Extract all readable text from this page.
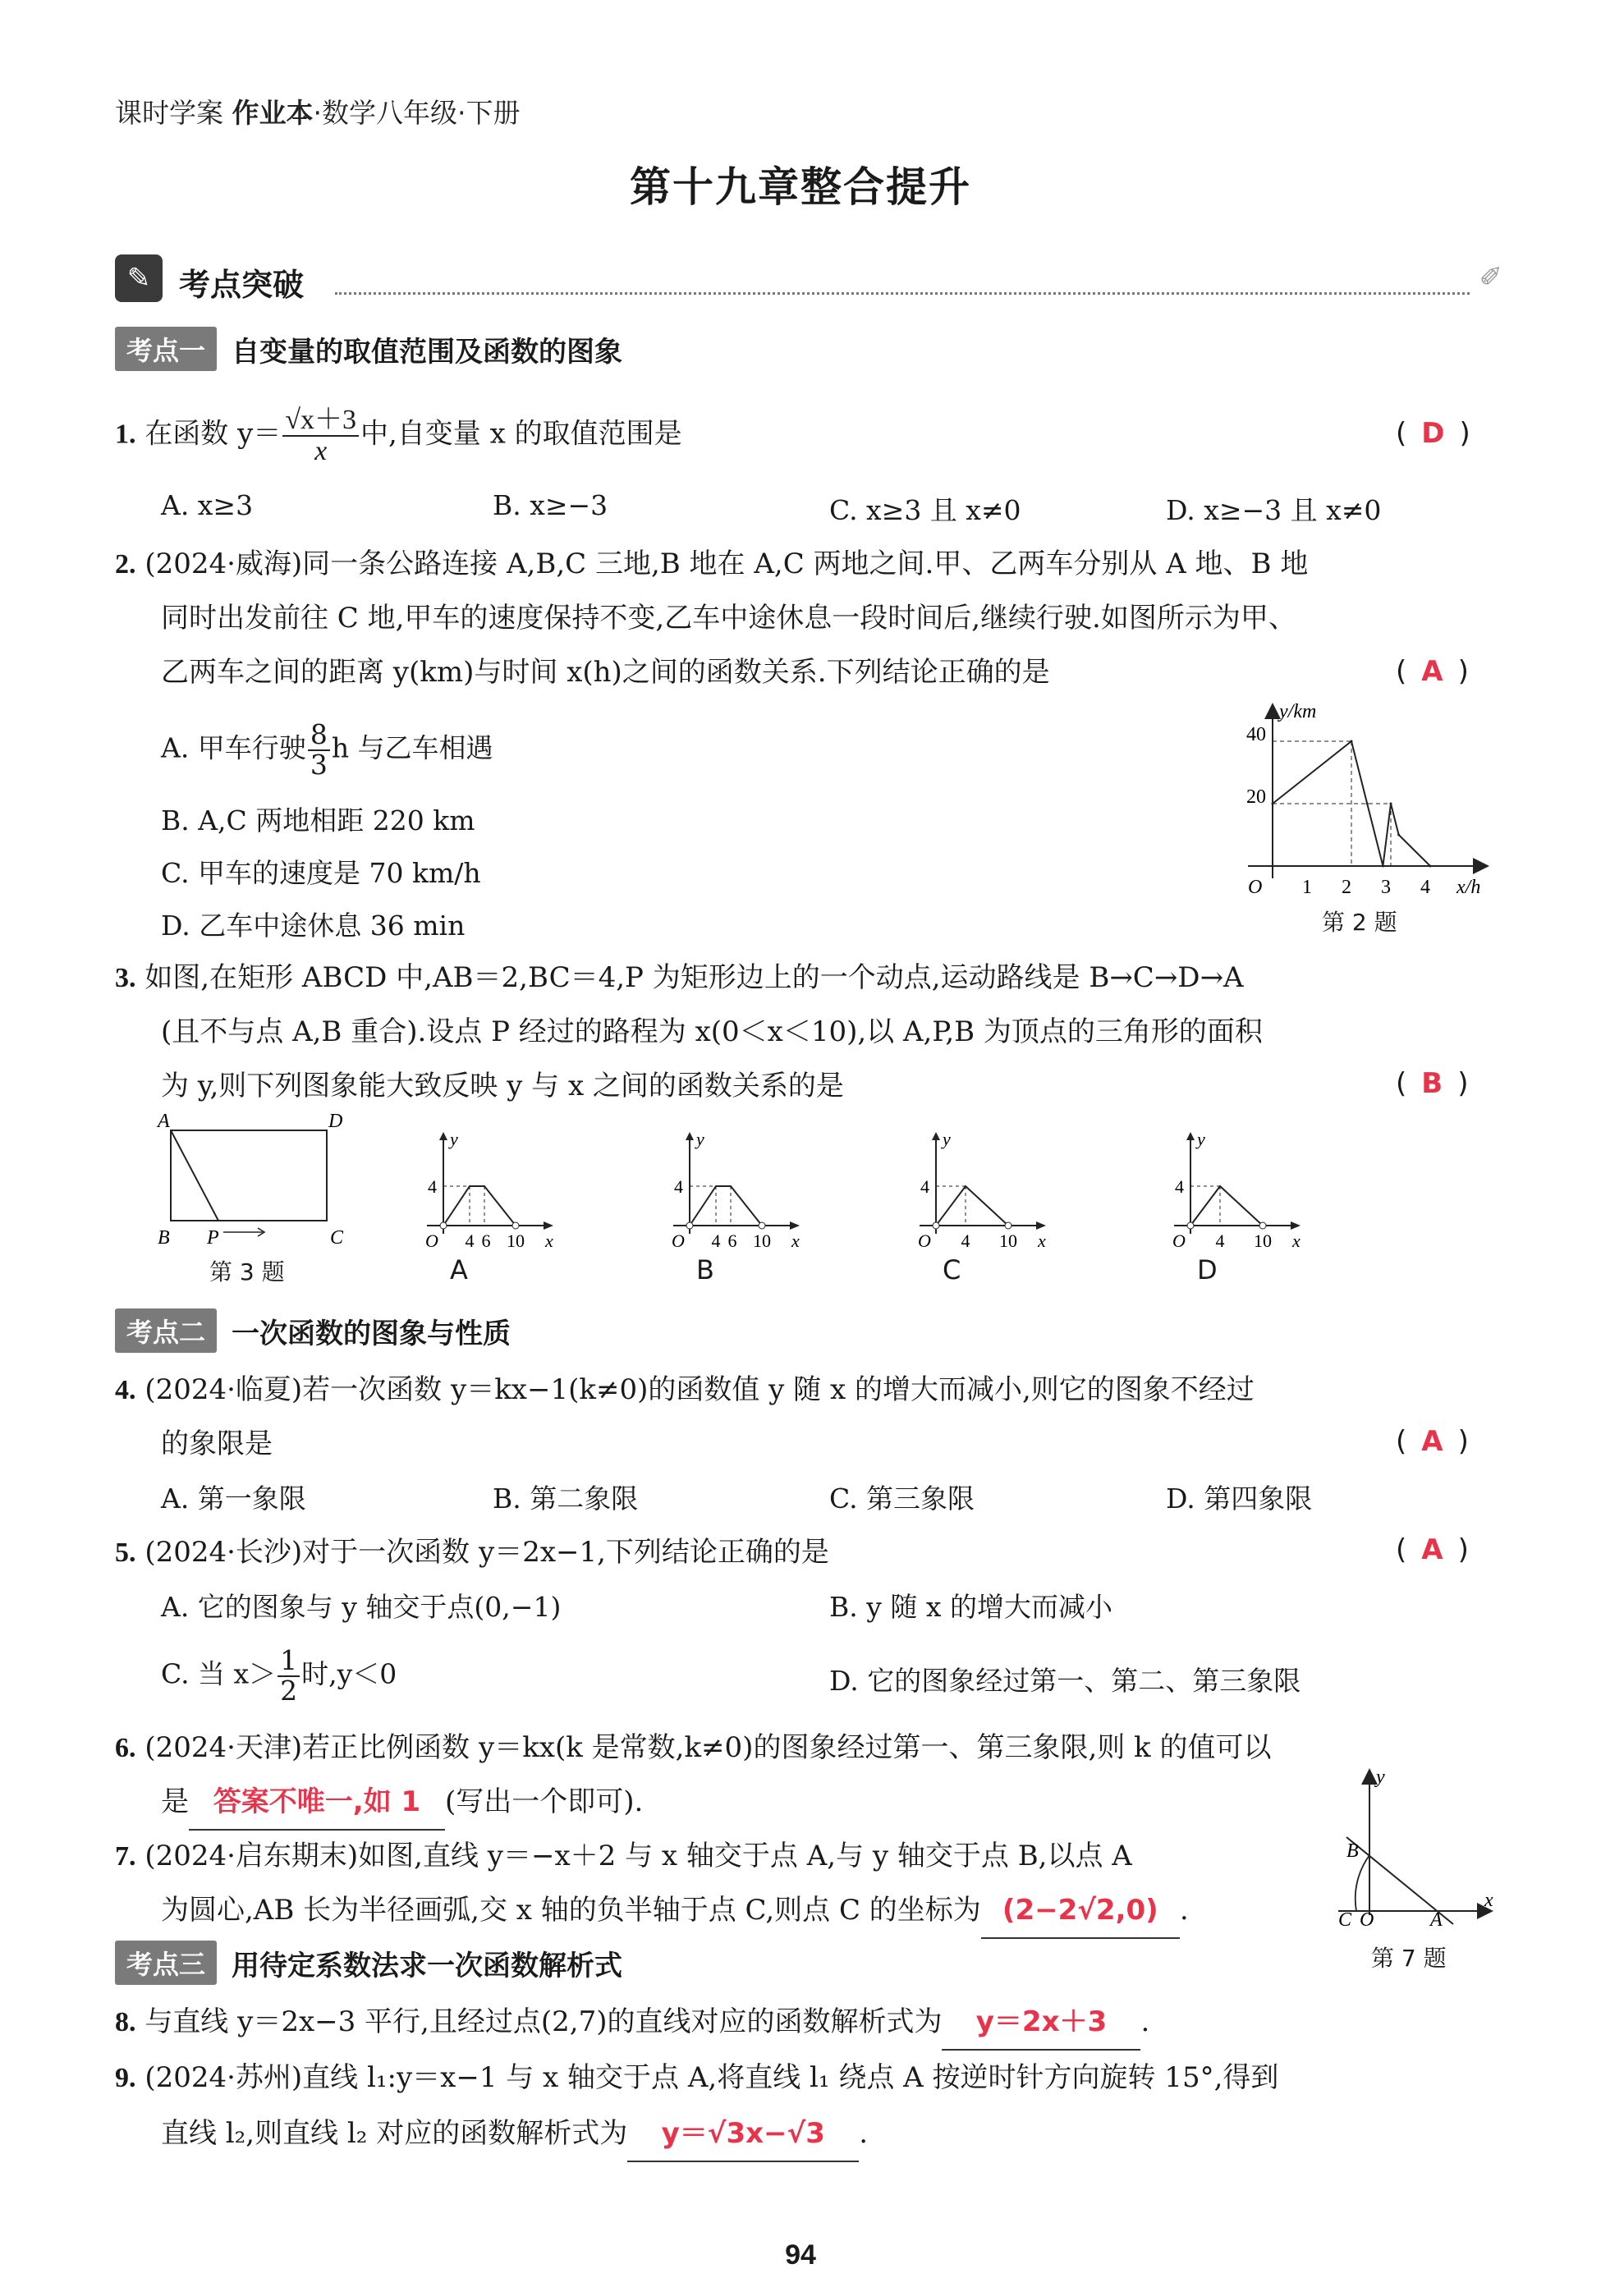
课时学案 作业本·数学八年级·下册
第十九章整合提升
✎ 考点突破	✐
考点一 自变量的取值范围及函数的图象
1. 在函数 $y= \frac{√x+3}{x}$ 中,自变量 x 的取值范围是	( D )
A. x≥3	B. x≥−3	C. x≥3 且 x≠0	D. x≥−3 且 x≠0
2. (2024·威海)同一条公路连接 A,B,C 三地,B 地在 A,C 两地之间.甲、乙两车分别从 A 地、B 地
同时出发前往 C 地,甲车的速度保持不变,乙车中途休息一段时间后,继续行驶.如图所示为甲、
乙两车之间的距离 y(km)与时间 x(h)之间的函数关系.下列结论正确的是	( A )
A. 甲车行驶 $\frac{8}{3}$ h 与乙车相遇
B. A,C 两地相距 220 km
C. 甲车的速度是 70 km/h
D. 乙车中途休息 36 min
y/km
x/h
O 1 2 3 4
20
40
第 2 题
3. 如图,在矩形 ABCD 中,AB＝2,BC＝4,P 为矩形边上的一个动点,运动路线是 B→C→D→A
(且不与点 A,B 重合).设点 P 经过的路程为 x(0＜x＜10),以 A,P,B 为顶点的三角形的面积
为 y,则下列图象能大致反映 y 与 x 之间的函数关系的是	( B )
A	D
B P	C
第 3 题
y
x
O
4
4 6 10
A
y
x
O
4
4 6 10
B
y
x
O
4
4 10
C
y
x
O
4
4 10
D
考点二 一次函数的图象与性质
4. (2024·临夏)若一次函数 y＝kx−1(k≠0)的函数值 y 随 x 的增大而减小,则它的图象不经过
的象限是	( A )
A. 第一象限	B. 第二象限	C. 第三象限	D. 第四象限
5. (2024·长沙)对于一次函数 y＝2x−1,下列结论正确的是	( A )
A. 它的图象与 y 轴交于点(0,−1)	B. y 随 x 的增大而减小
C. 当 $x> \frac{1}{2}$ 时,y＜0	D. 它的图象经过第一、第二、第三象限
6. (2024·天津)若正比例函数 y＝kx(k 是常数,k≠0)的图象经过第一、第三象限,则 k 的值可以
是 答案不唯一,如 1 (写出一个即可).
7. (2024·启东期末)如图,直线 y＝−x＋2 与 x 轴交于点 A,与 y 轴交于点 B,以点 A
为圆心,AB 长为半径画弧,交 x 轴的负半轴于点 C,则点 C 的坐标为 (2−2√2,0) .
y
x
B
C O	A
第 7 题
考点三 用待定系数法求一次函数解析式
8. 与直线 y＝2x−3 平行,且经过点(2,7)的直线对应的函数解析式为 y＝2x＋3 .
9. (2024·苏州)直线 l₁:y＝x−1 与 x 轴交于点 A,将直线 l₁ 绕点 A 按逆时针方向旋转 15°,得到
直线 l₂,则直线 l₂ 对应的函数解析式为 y＝√3x−√3 .
94
